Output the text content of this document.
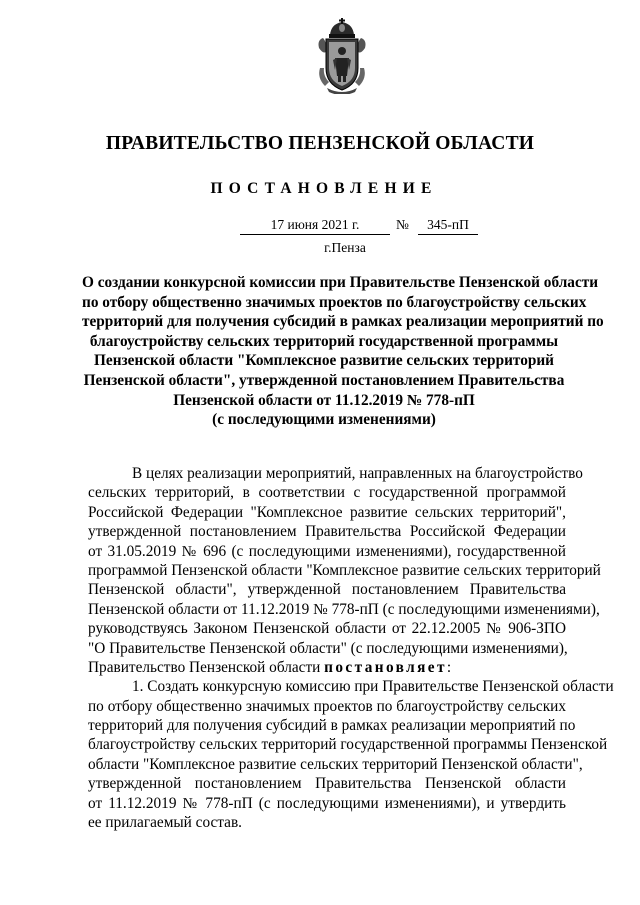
ПРАВИТЕЛЬСТВО ПЕНЗЕНСКОЙ ОБЛАСТИ
ПОСТАНОВЛЕНИЕ
17 июня 2021 г.	№	345-пП
г.Пенза
О создании конкурсной комиссии при Правительстве Пензенской области
по отбору общественно значимых проектов по благоустройству сельских
территорий для получения субсидий в рамках реализации мероприятий по
благоустройству сельских территорий государственной программы
Пензенской области "Комплексное развитие сельских территорий
Пензенской области", утвержденной постановлением Правительства
Пензенской области от 11.12.2019 № 778-пП
(с последующими изменениями)
В целях реализации мероприятий, направленных на благоустройство
сельских территорий, в соответствии с государственной программой
Российской Федерации "Комплексное развитие сельских территорий",
утвержденной постановлением Правительства Российской Федерации
от 31.05.2019 № 696 (с последующими изменениями), государственной
программой Пензенской области "Комплексное развитие сельских территорий
Пензенской области", утвержденной постановлением Правительства
Пензенской области от 11.12.2019 № 778-пП (с последующими изменениями),
руководствуясь Законом Пензенской области от 22.12.2005 № 906-ЗПО
"О Правительстве Пензенской области" (с последующими изменениями),
Правительство Пензенской области постановляет:
1. Создать конкурсную комиссию при Правительстве Пензенской области
по отбору общественно значимых проектов по благоустройству сельских
территорий для получения субсидий в рамках реализации мероприятий по
благоустройству сельских территорий государственной программы Пензенской
области "Комплексное развитие сельских территорий Пензенской области",
утвержденной постановлением Правительства Пензенской области
от 11.12.2019 № 778-пП (с последующими изменениями), и утвердить
ее прилагаемый состав.
